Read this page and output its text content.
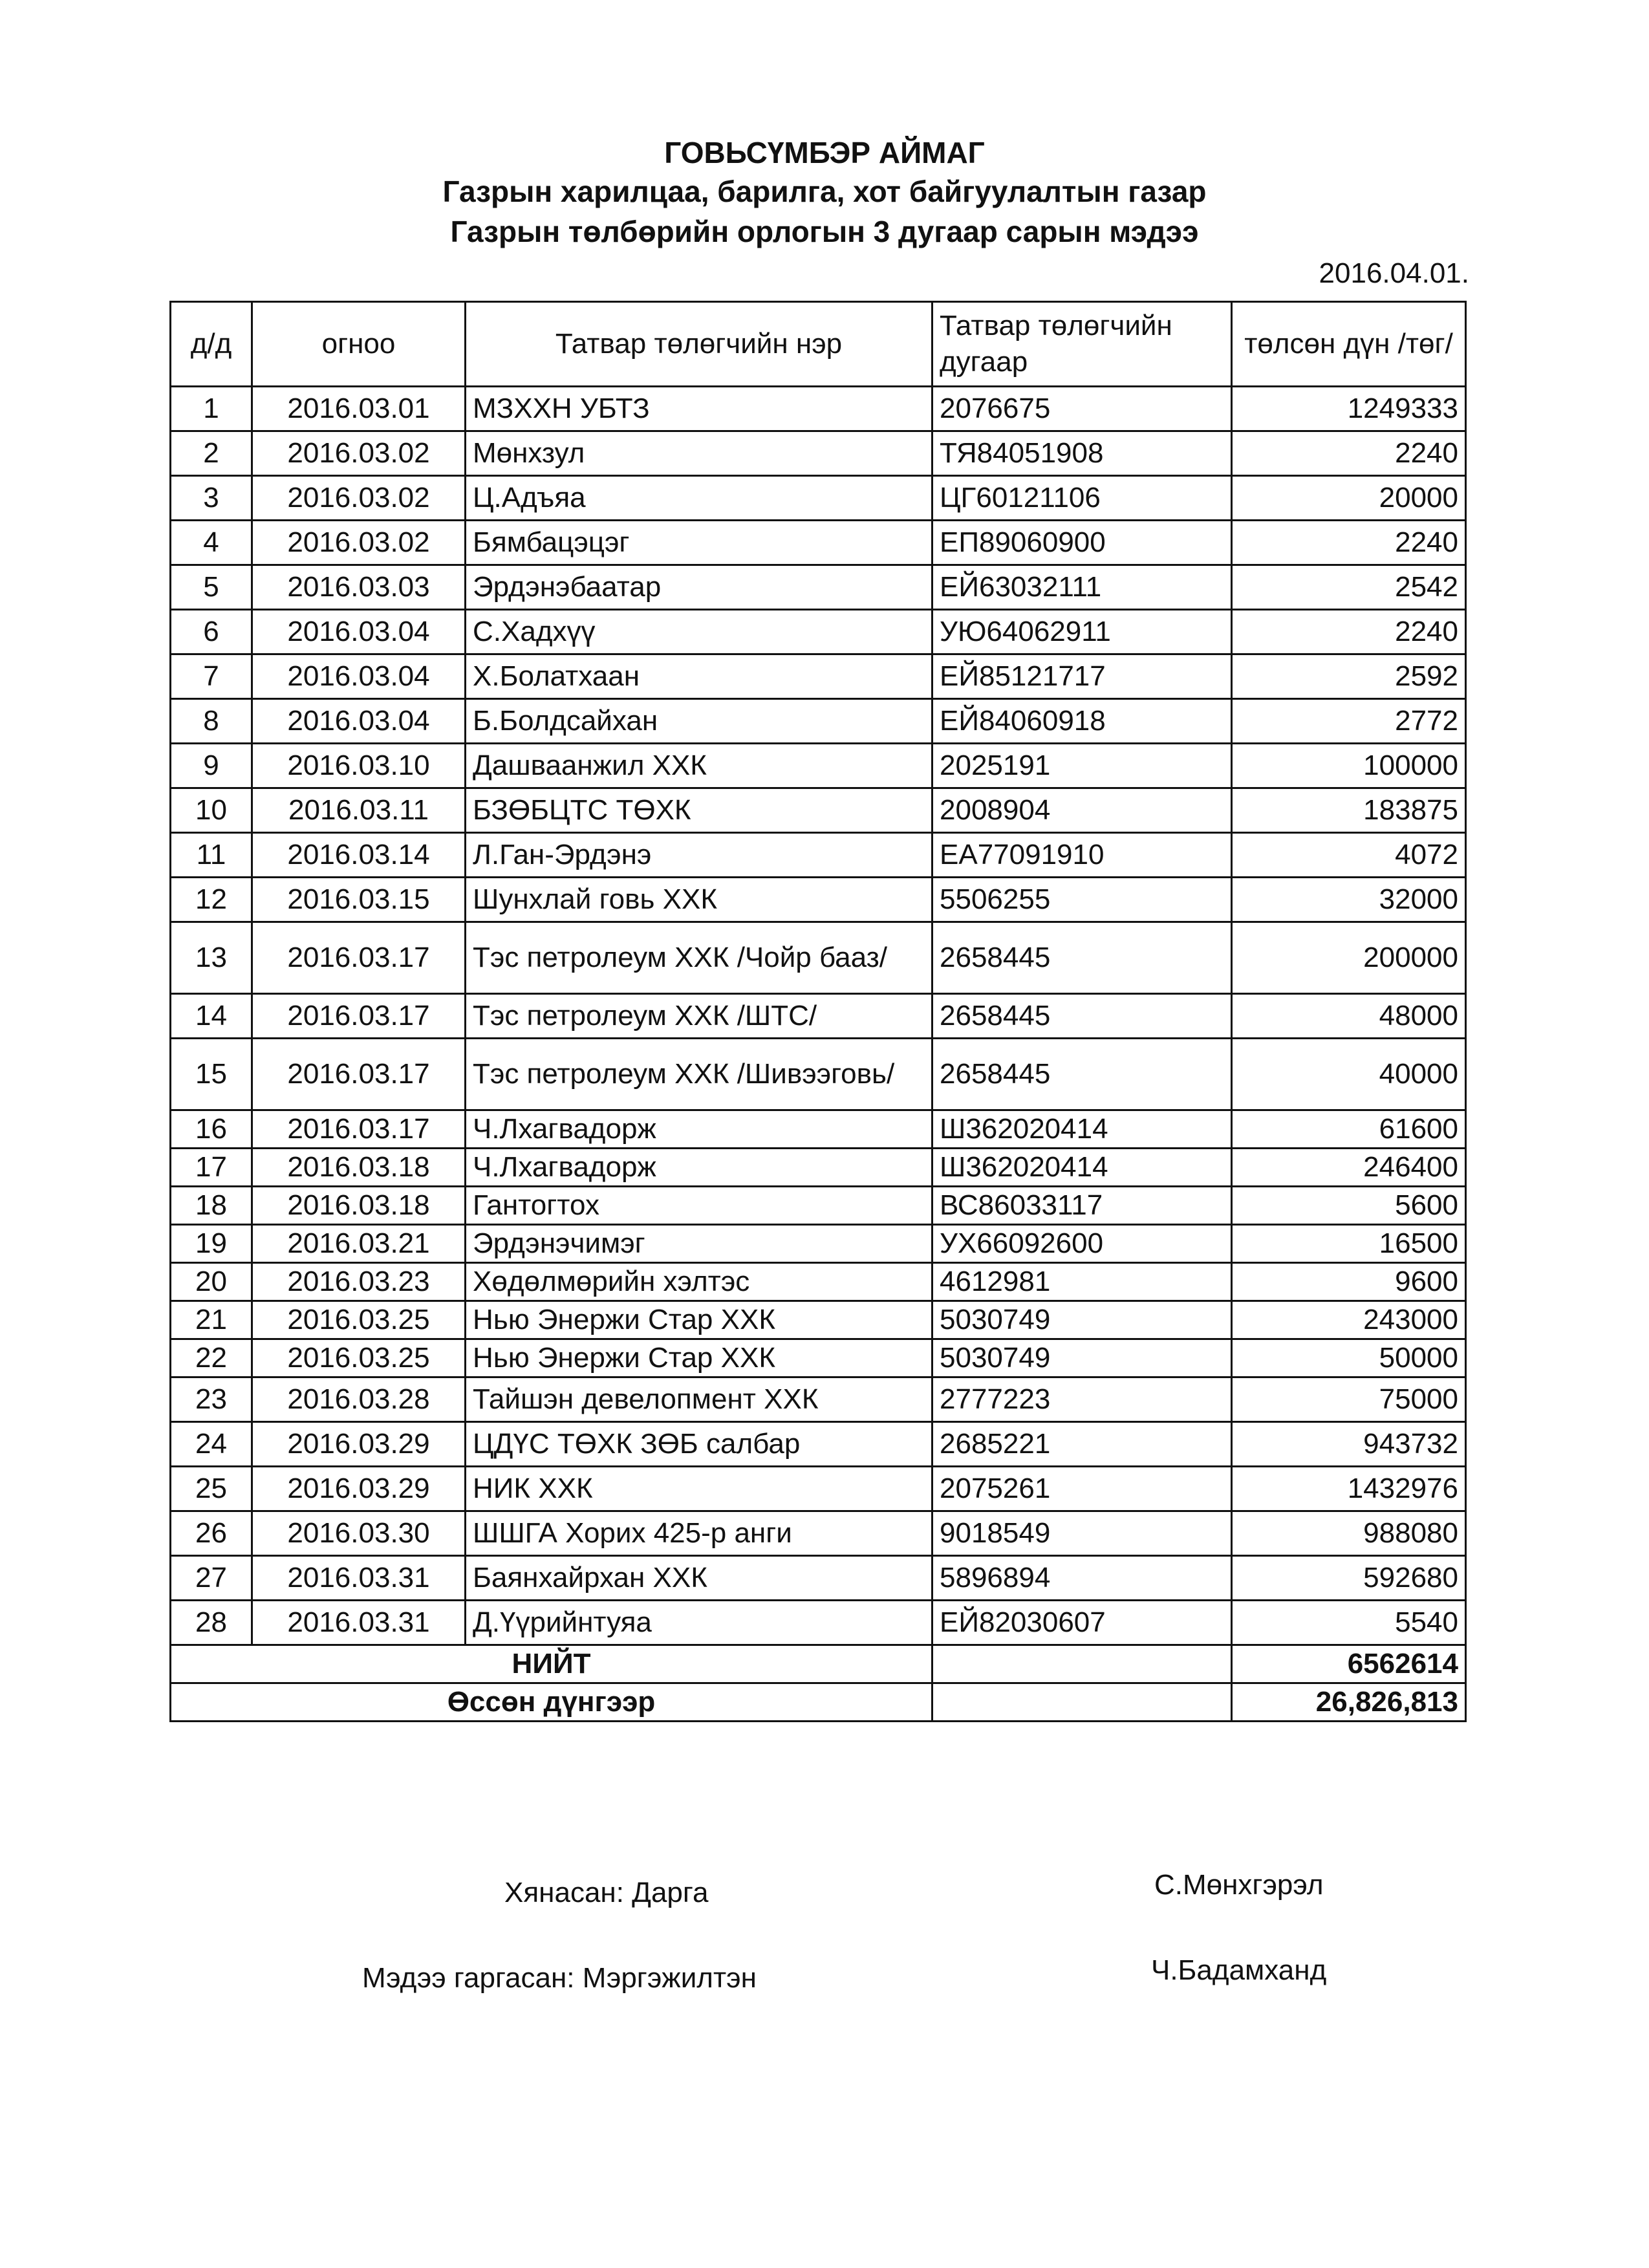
ГОВЬСҮМБЭР АЙМАГ
Газрын харилцаа, барилга, хот байгуулалтын газар
Газрын төлбөрийн орлогын 3 дугаар сарын мэдээ
2016.04.01.
д/д	огноо	Татвар төлөгчийн нэр	Татвар төлөгчийн дугаар	төлсөн дүн /төг/
1	2016.03.01	МЗХХН УБТЗ	2076675	1249333
2	2016.03.02	Мөнхзул	ТЯ84051908	2240
3	2016.03.02	Ц.Адъяа	ЦГ60121106	20000
4	2016.03.02	Бямбацэцэг	ЕП89060900	2240
5	2016.03.03	Эрдэнэбаатар	ЕЙ63032111	2542
6	2016.03.04	С.Хадхүү	УЮ64062911	2240
7	2016.03.04	Х.Болатхаан	ЕЙ85121717	2592
8	2016.03.04	Б.Болдсайхан	ЕЙ84060918	2772
9	2016.03.10	Дашваанжил ХХК	2025191	100000
10	2016.03.11	БЗӨБЦТС ТӨХК	2008904	183875
11	2016.03.14	Л.Ган-Эрдэнэ	ЕА77091910	4072
12	2016.03.15	Шунхлай говь ХХК	5506255	32000
13	2016.03.17	Тэс петролеум ХХК /Чойр бааз/	2658445	200000
14	2016.03.17	Тэс петролеум ХХК /ШТС/	2658445	48000
15	2016.03.17	Тэс петролеум ХХК /Шивээговь/	2658445	40000
16	2016.03.17	Ч.Лхагвадорж	Ш362020414	61600
17	2016.03.18	Ч.Лхагвадорж	Ш362020414	246400
18	2016.03.18	Гантогтох	ВС86033117	5600
19	2016.03.21	Эрдэнэчимэг	УХ66092600	16500
20	2016.03.23	Хөдөлмөрийн хэлтэс	4612981	9600
21	2016.03.25	Нью Энержи Стар ХХК	5030749	243000
22	2016.03.25	Нью Энержи Стар ХХК	5030749	50000
23	2016.03.28	Тайшэн девелопмент ХХК	2777223	75000
24	2016.03.29	ЦДҮС ТӨХК ЗӨБ салбар	2685221	943732
25	2016.03.29	НИК ХХК	2075261	1432976
26	2016.03.30	ШШГА Хорих 425-р анги	9018549	988080
27	2016.03.31	Баянхайрхан ХХК	5896894	592680
28	2016.03.31	Д.Үүрийнтуяа	ЕЙ82030607	5540
НИЙТ				6562614
Өссөн дүнгээр				26,826,813
Хянасан: Дарга	С.Мөнхгэрэл
Мэдээ гаргасан: Мэргэжилтэн	Ч.Бадамханд
